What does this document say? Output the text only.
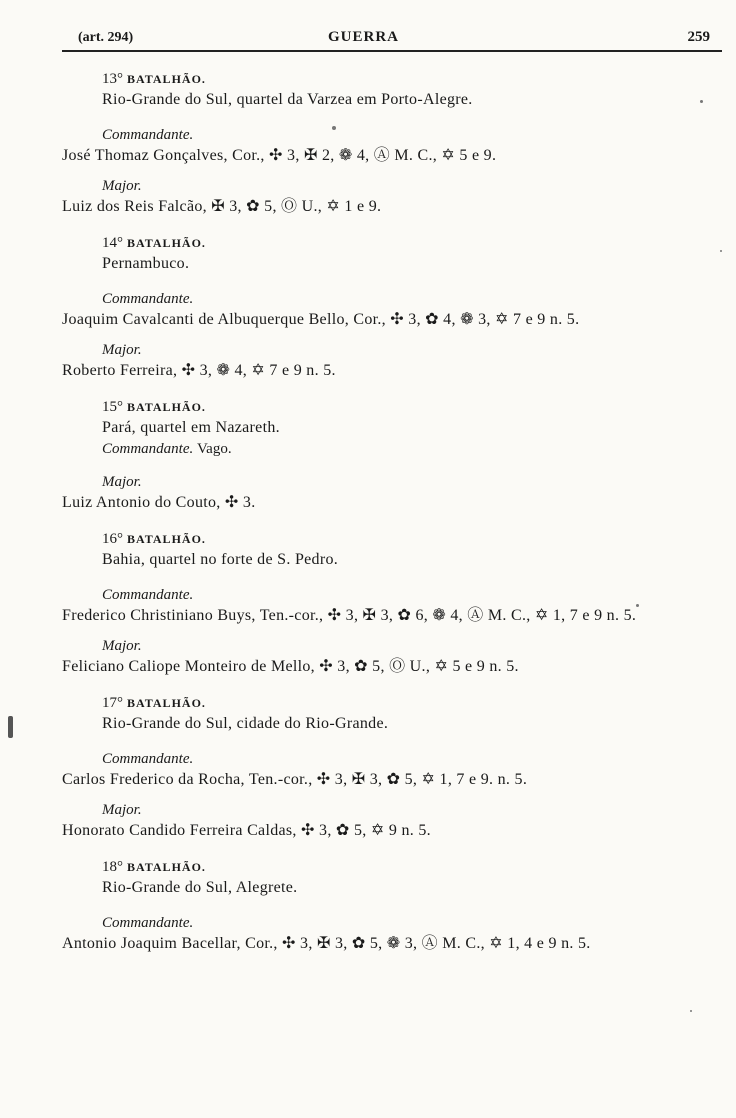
(art. 294)	GUERRA	259
13° BATALHÃO.
Rio-Grande do Sul, quartel da Varzea em Porto-Alegre.
Commandante.
José Thomaz Gonçalves, Cor., ✣ 3, ✠ 2, ❁ 4, Ⓐ M. C., ✡ 5 e 9.
Major.
Luiz dos Reis Falcão, ✠ 3, ✿ 5, Ⓞ U., ✡ 1 e 9.
14° BATALHÃO.
Pernambuco.
Commandante.
Joaquim Cavalcanti de Albuquerque Bello, Cor., ✣ 3, ✿ 4, ❁ 3, ✡ 7 e 9 n. 5.
Major.
Roberto Ferreira, ✣ 3, ❁ 4, ✡ 7 e 9 n. 5.
15° BATALHÃO.
Pará, quartel em Nazareth.
Commandante. Vago.
Major.
Luiz Antonio do Couto, ✣ 3.
16° BATALHÃO.
Bahia, quartel no forte de S. Pedro.
Commandante.
Frederico Christiniano Buys, Ten.-cor., ✣ 3, ✠ 3, ✿ 6, ❁ 4, Ⓐ M. C., ✡ 1, 7 e 9 n. 5.
Major.
Feliciano Caliope Monteiro de Mello, ✣ 3, ✿ 5, Ⓞ U., ✡ 5 e 9 n. 5.
17° BATALHÃO.
Rio-Grande do Sul, cidade do Rio-Grande.
Commandante.
Carlos Frederico da Rocha, Ten.-cor., ✣ 3, ✠ 3, ✿ 5, ✡ 1, 7 e 9. n. 5.
Major.
Honorato Candido Ferreira Caldas, ✣ 3, ✿ 5, ✡ 9 n. 5.
18° BATALHÃO.
Rio-Grande do Sul, Alegrete.
Commandante.
Antonio Joaquim Bacellar, Cor., ✣ 3, ✠ 3, ✿ 5, ❁ 3, Ⓐ M. C., ✡ 1, 4 e 9 n. 5.
